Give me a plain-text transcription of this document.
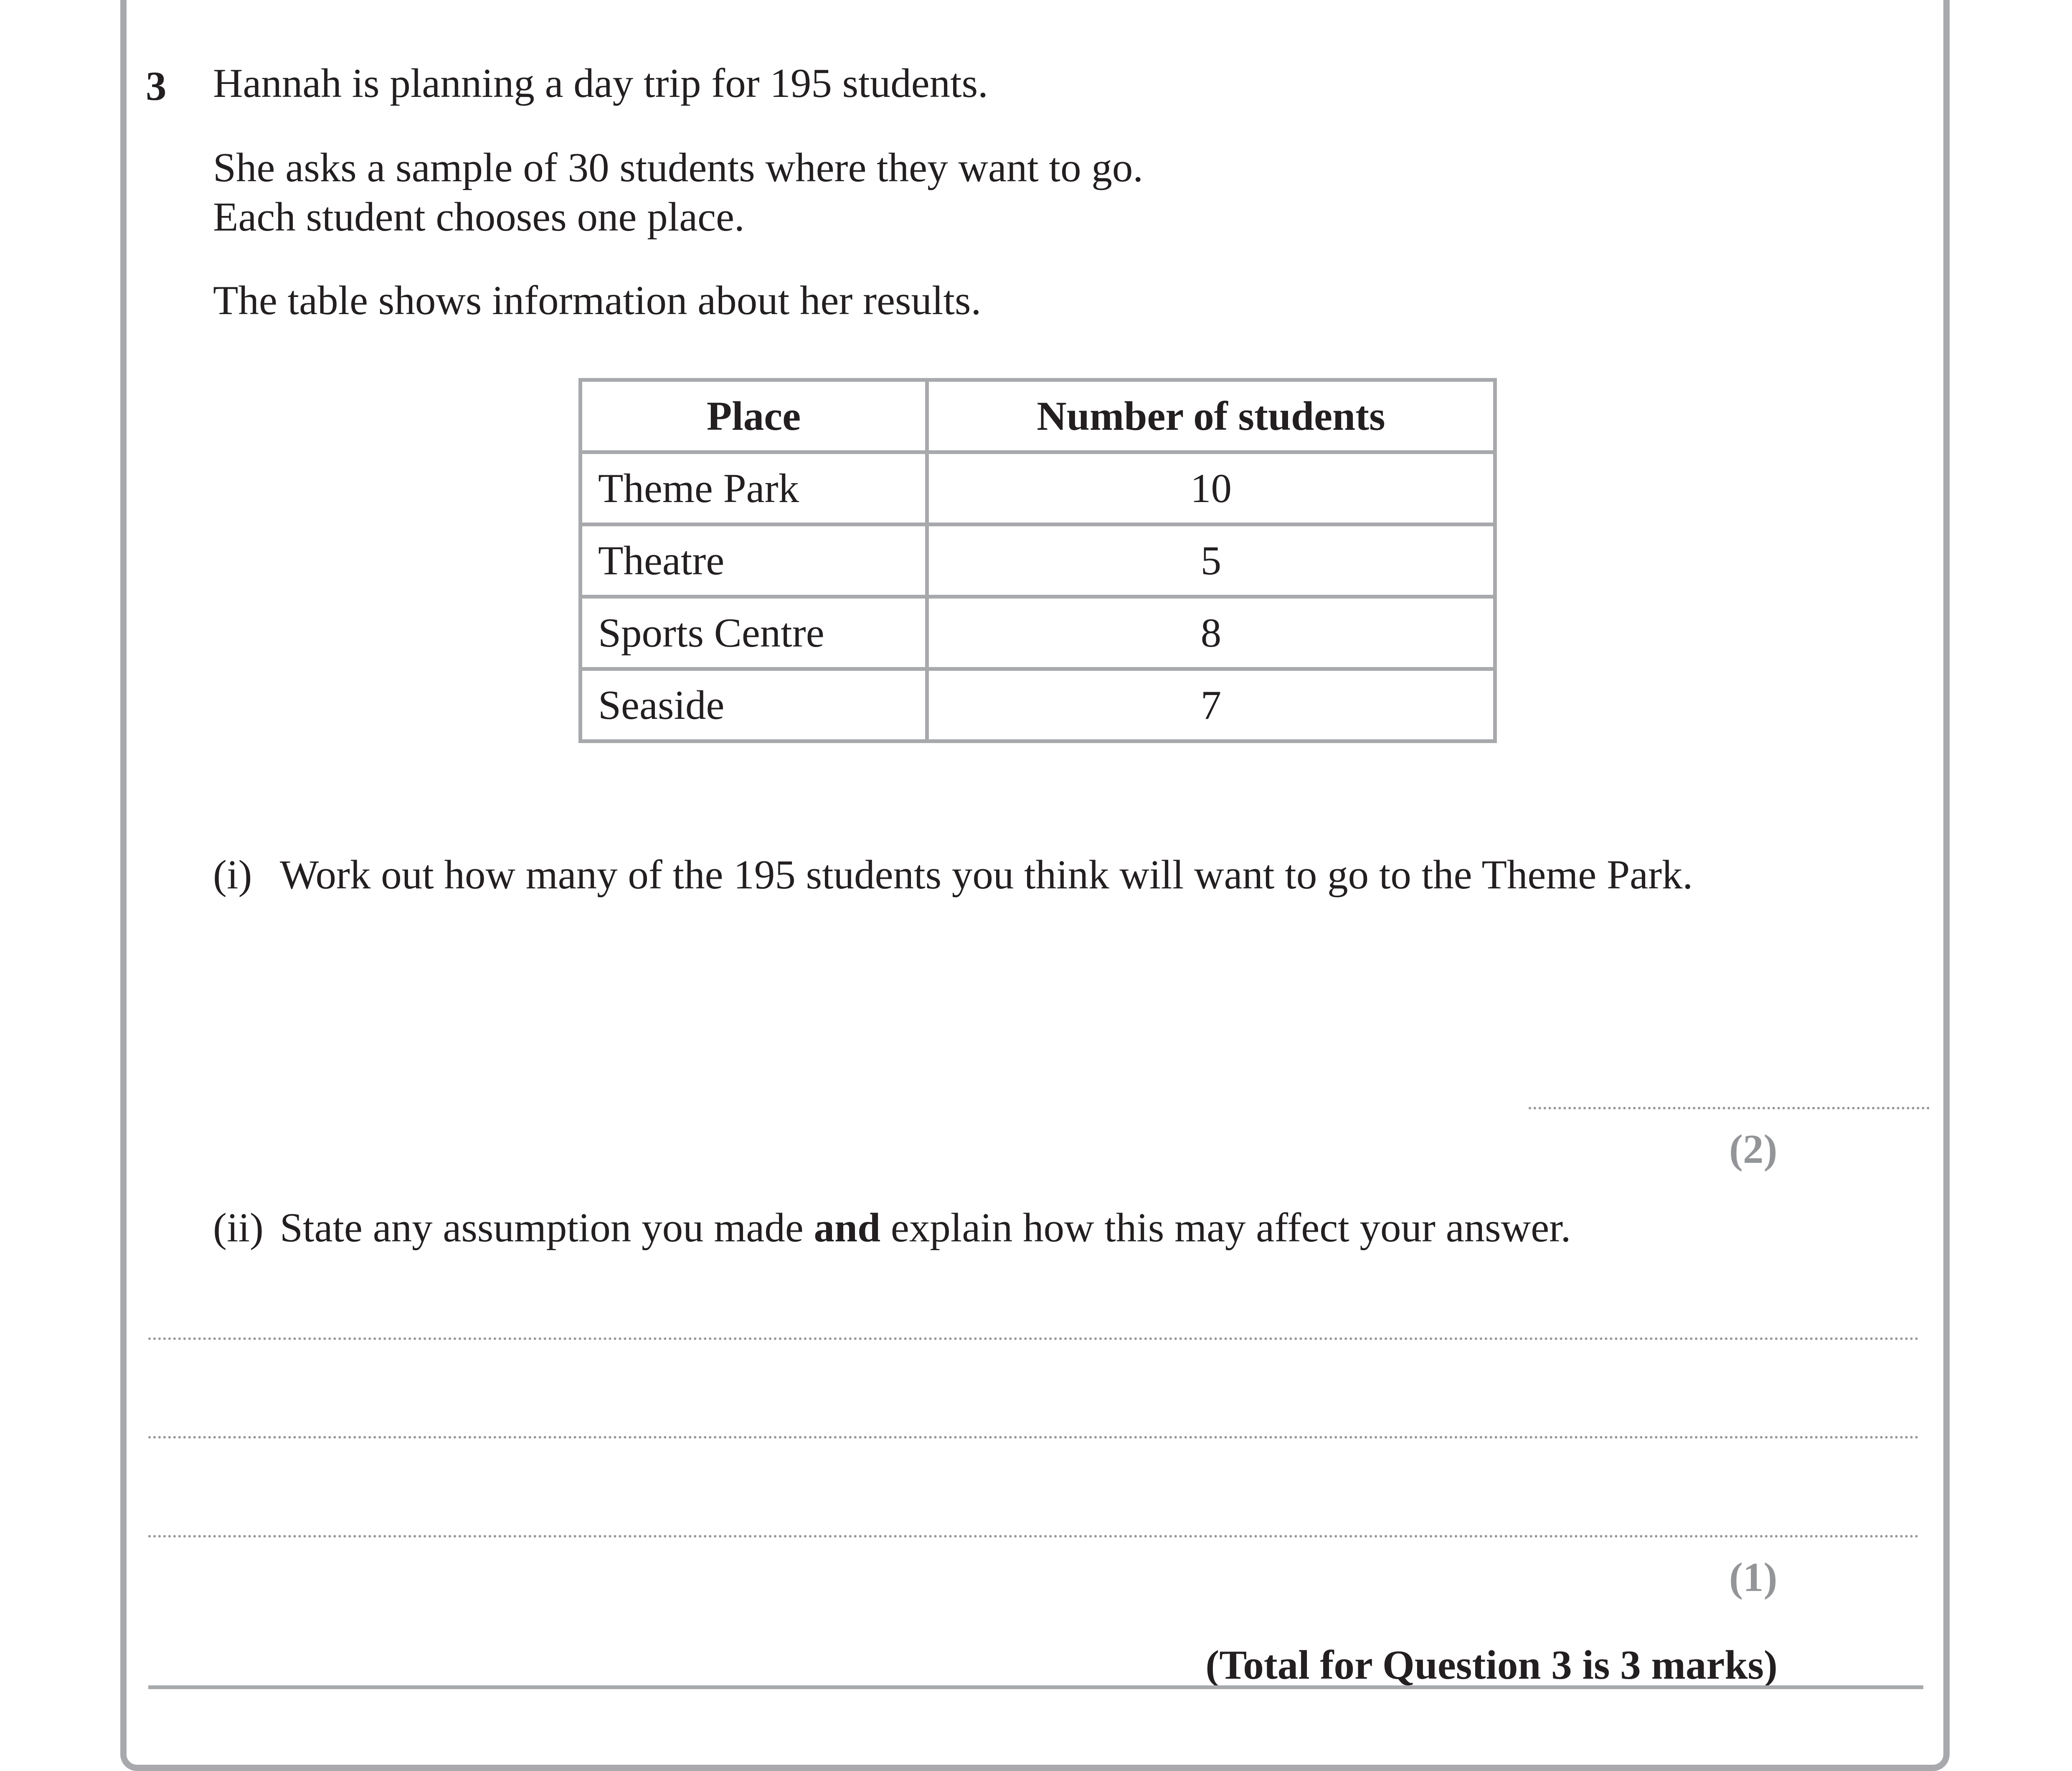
3 Hannah is planning a day trip for 195 students.
She asks a sample of 30 students where they want to go.
Each student chooses one place.
The table shows information about her results.
Place	Number of students
Theme Park	10
Theatre	5
Sports Centre	8
Seaside	7
(i) Work out how many of the 195 students you think will want to go to the Theme Park.
(2)
(ii) State any assumption you made and explain how this may affect your answer.
(1)
(Total for Question 3 is 3 marks)
